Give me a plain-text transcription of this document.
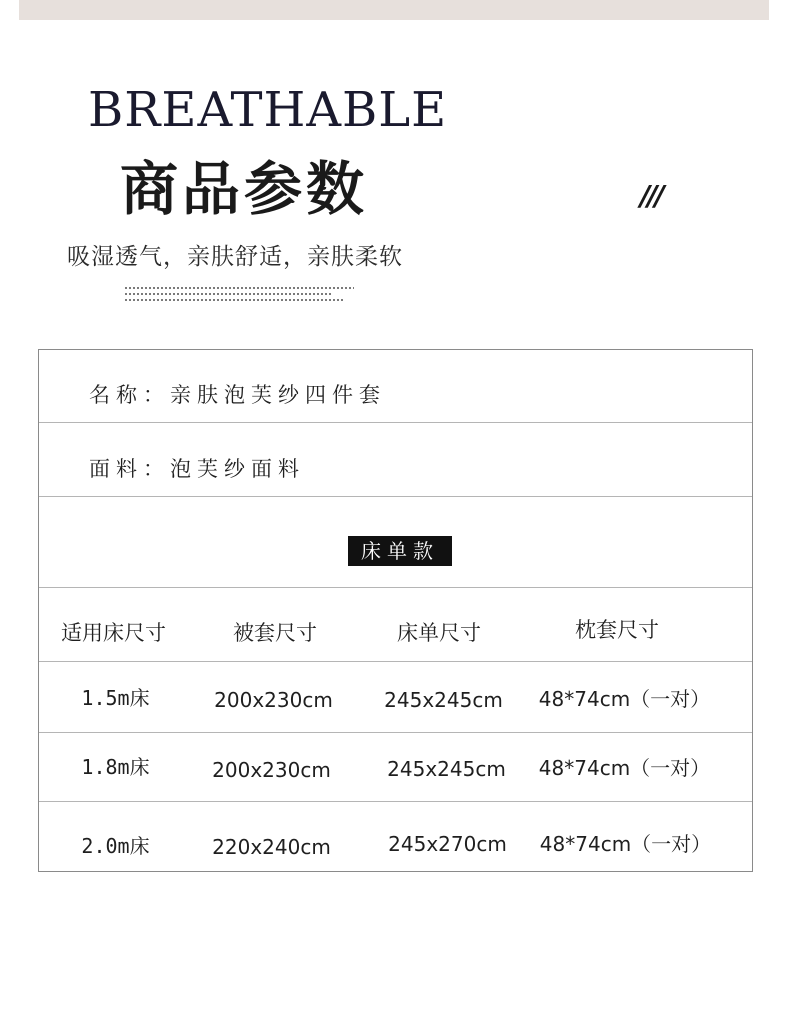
BREATHABLE
商品参数	///
吸湿透气，亲肤舒适，亲肤柔软
名称：亲肤泡芙纱四件套
面料：泡芙纱面料
床单款
适用床尺寸	被套尺寸	床单尺寸	枕套尺寸
1.5m床	200x230cm	245x245cm	48*74cm（一对）
1.8m床	200x230cm	245x245cm	48*74cm（一对）
2.0m床	220x240cm	245x270cm	48*74cm（一对）
